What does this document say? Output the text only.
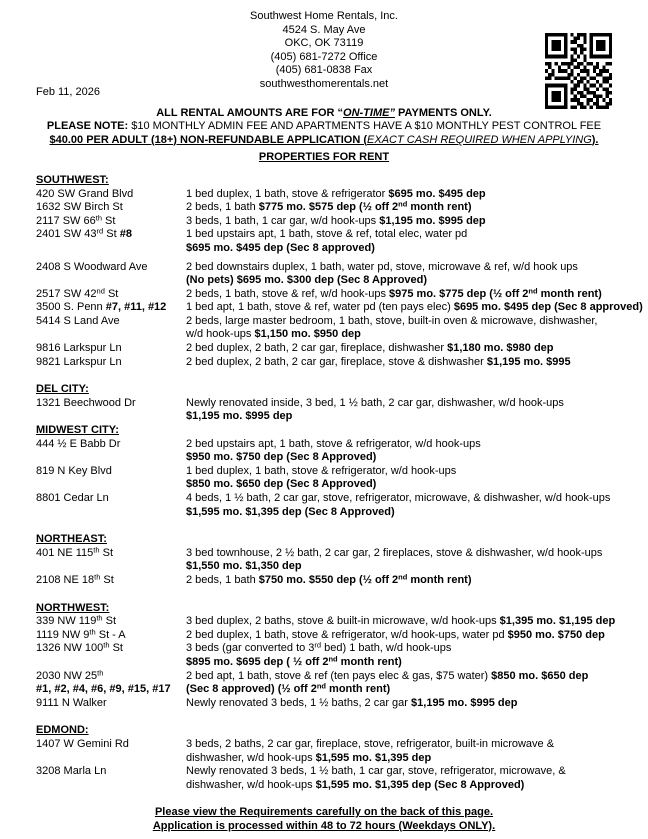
Southwest Home Rentals, Inc.
4524 S. May Ave
OKC, OK 73119
(405) 681-7272 Office
(405) 681-0838 Fax
southwesthomerentals.net
Feb 11, 2026
ALL RENTAL AMOUNTS ARE FOR “ON-TIME” PAYMENTS ONLY.
PLEASE NOTE: $10 MONTHLY ADMIN FEE AND APARTMENTS HAVE A $10 MONTHLY PEST CONTROL FEE
$40.00 PER ADULT (18+) NON-REFUNDABLE APPLICATION (EXACT CASH REQUIRED WHEN APPLYING).
PROPERTIES FOR RENT
SOUTHWEST:
420 SW Grand Blvd	1 bed duplex, 1 bath, stove & refrigerator $695 mo. $495 dep
1632 SW Birch St	2 beds, 1 bath $775 mo. $575 dep (½ off 2nd month rent)
2117 SW 66th St	3 beds, 1 bath, 1 car gar, w/d hook-ups $1,195 mo. $995 dep
2401 SW 43rd St #8	1 bed upstairs apt, 1 bath, stove & ref, total elec, water pd
$695 mo. $495 dep (Sec 8 approved)
2408 S Woodward Ave	2 bed downstairs duplex, 1 bath, water pd, stove, microwave & ref, w/d hook ups
(No pets) $695 mo. $300 dep (Sec 8 Approved)
2517 SW 42nd St	2 beds, 1 bath, stove & ref, w/d hook-ups $975 mo. $775 dep (½ off 2nd month rent)
3500 S. Penn #7, #11, #12	1 bed apt, 1 bath, stove & ref, water pd (ten pays elec) $695 mo. $495 dep (Sec 8 approved)
5414 S Land Ave	2 beds, large master bedroom, 1 bath, stove, built-in oven & microwave, dishwasher,
w/d hook-ups $1,150 mo. $950 dep
9816 Larkspur Ln	2 bed duplex, 2 bath, 2 car gar, fireplace, dishwasher $1,180 mo. $980 dep
9821 Larkspur Ln	2 bed duplex, 2 bath, 2 car gar, fireplace, stove & dishwasher $1,195 mo. $995
DEL CITY:
1321 Beechwood Dr	Newly renovated inside, 3 bed, 1 ½ bath, 2 car gar, dishwasher, w/d hook-ups
$1,195 mo. $995 dep
MIDWEST CITY:
444 ½ E Babb Dr	2 bed upstairs apt, 1 bath, stove & refrigerator, w/d hook-ups
$950 mo. $750 dep (Sec 8 Approved)
819 N Key Blvd	1 bed duplex, 1 bath, stove & refrigerator, w/d hook-ups
$850 mo. $650 dep (Sec 8 Approved)
8801 Cedar Ln	4 beds, 1 ½ bath, 2 car gar, stove, refrigerator, microwave, & dishwasher, w/d hook-ups
$1,595 mo. $1,395 dep (Sec 8 Approved)
NORTHEAST:
401 NE 115th St	3 bed townhouse, 2 ½ bath, 2 car gar, 2 fireplaces, stove & dishwasher, w/d hook-ups
$1,550 mo. $1,350 dep
2108 NE 18th St	2 beds, 1 bath $750 mo. $550 dep (½ off 2nd month rent)
NORTHWEST:
339 NW 119th St	3 bed duplex, 2 baths, stove & built-in microwave, w/d hook-ups $1,395 mo. $1,195 dep
1119 NW 9th St - A	2 bed duplex, 1 bath, stove & refrigerator, w/d hook-ups, water pd $950 mo. $750 dep
1326 NW 100th St	3 beds (gar converted to 3rd bed) 1 bath, w/d hook-ups
$895 mo. $695 dep ( ½ off 2nd month rent)
2030 NW 25th
#1, #2, #4, #6, #9, #15, #17
2 bed apt, 1 bath, stove & ref (ten pays elec & gas, $75 water) $850 mo. $650 dep
(Sec 8 approved) (½ off 2nd month rent)
9111 N Walker	Newly renovated 3 beds, 1 ½ baths, 2 car gar $1,195 mo. $995 dep
EDMOND:
1407 W Gemini Rd	3 beds, 2 baths, 2 car gar, fireplace, stove, refrigerator, built-in microwave &
dishwasher, w/d hook-ups $1,595 mo. $1,395 dep
3208 Marla Ln	Newly renovated 3 beds, 1 ½ bath, 1 car gar, stove, refrigerator, microwave, &
dishwasher, w/d hook-ups $1,595 mo. $1,395 dep (Sec 8 Approved)
Please view the Requirements carefully on the back of this page.
Application is processed within 48 to 72 hours (Weekdays ONLY).
